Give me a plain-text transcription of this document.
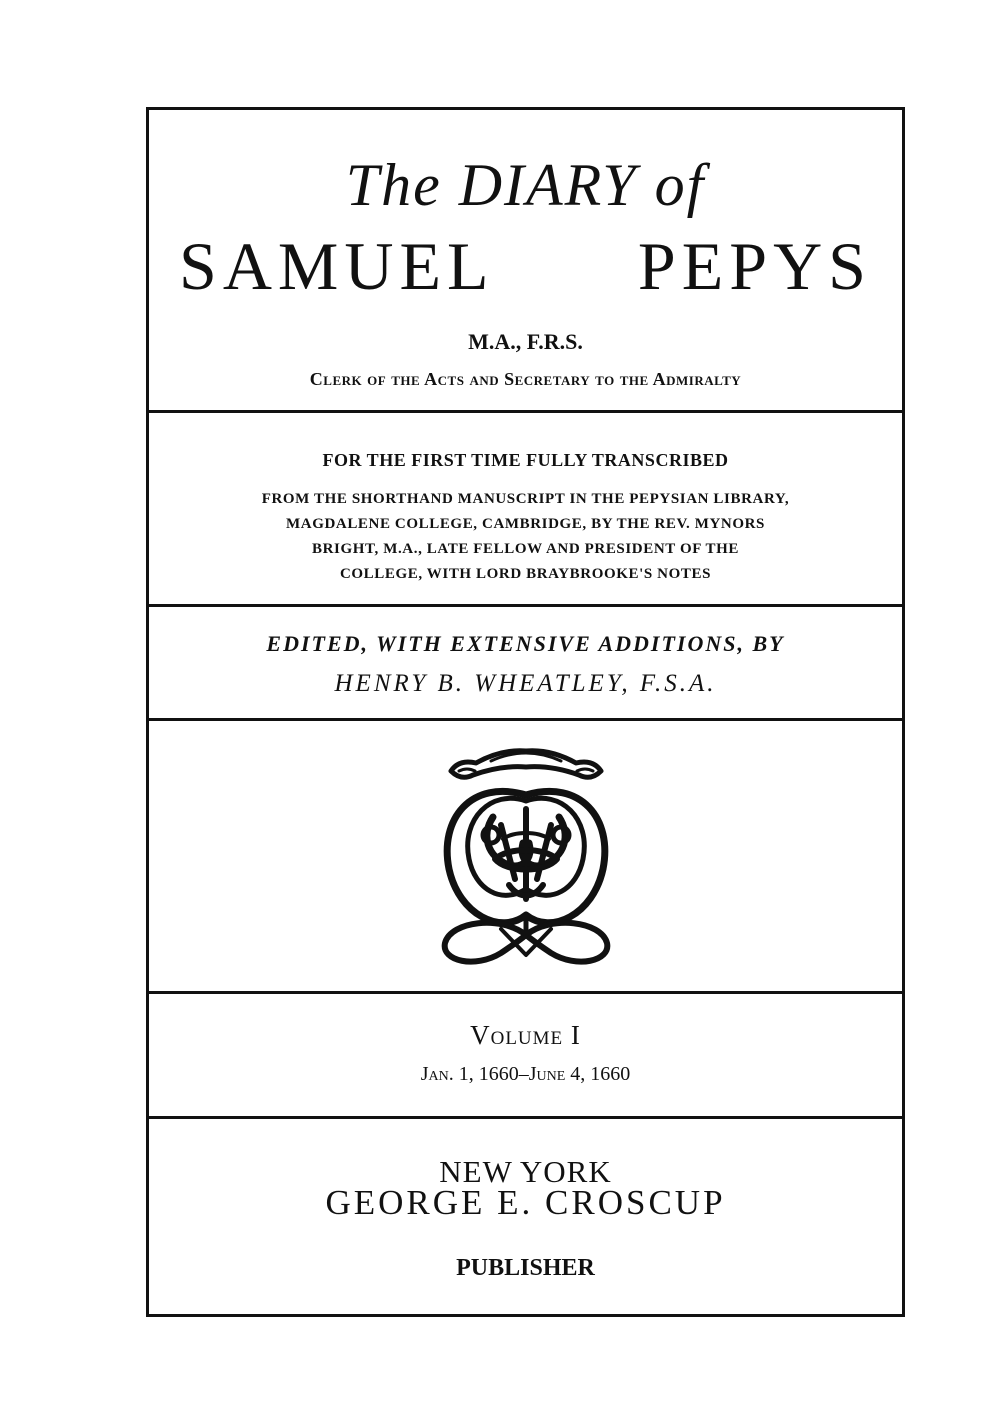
The DIARY of
SAMUEL PEPYS
M.A., F.R.S.
Clerk of the Acts and Secretary to the Admiralty
FOR THE FIRST TIME FULLY TRANSCRIBED
FROM THE SHORTHAND MANUSCRIPT IN THE PEPYSIAN LIBRARY,
MAGDALENE COLLEGE, CAMBRIDGE, BY THE REV. MYNORS
BRIGHT, M.A., LATE FELLOW AND PRESIDENT OF THE
COLLEGE, WITH LORD BRAYBROOKE'S NOTES
EDITED, WITH EXTENSIVE ADDITIONS, BY
HENRY B. WHEATLEY, F.S.A.
Volume I
Jan. 1, 1660–June 4, 1660
NEW YORK
GEORGE E. CROSCUP
PUBLISHER
